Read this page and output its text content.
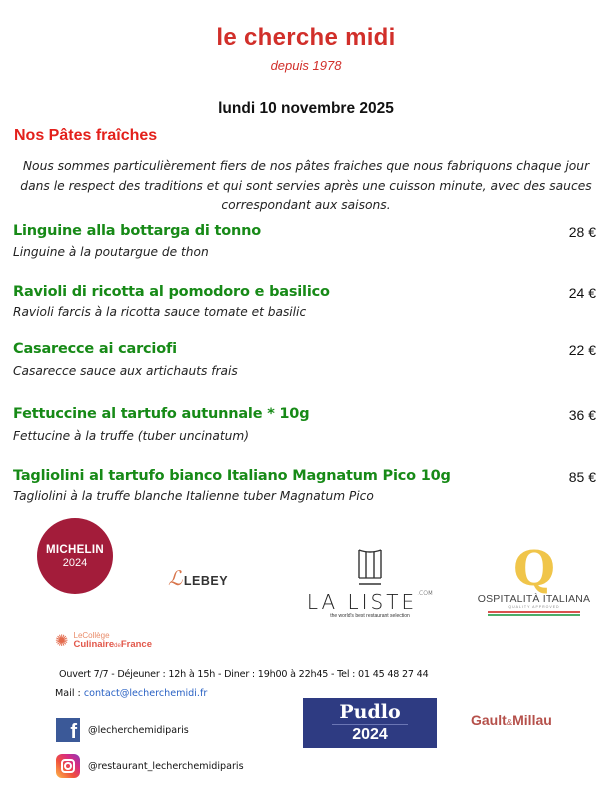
le cherche midi
depuis 1978
lundi 10 novembre 2025
Nos Pâtes fraîches
Nous sommes particulièrement fiers de nos pâtes fraiches que nous fabriquons chaque jour dans le respect des traditions et qui sont servies après une cuisson minute, avec des sauces correspondant aux saisons.
Linguine alla bottarga di tonno	28 €
Linguine à la poutargue de thon
Ravioli di ricotta al pomodoro e basilico	24 €
Ravioli farcis à la ricotta sauce tomate et basilic
Casarecce ai carciofi	22 €
Casarecce sauce aux artichauts frais
Fettuccine al tartufo autunnale * 10g	36 €
Fettucine à la truffe (tuber uncinatum)
Tagliolini al tartufo bianco Italiano Magnatum Pico 10g	85 €
Tagliolini à la truffe blanche Italienne tuber Magnatum Pico
MICHELIN
2024
ℒLEBEY
LA $LISTE^{.COM}$
the world's best restaurant selection
Q
OSPITALITÀ ITALIANA
QUALITY APPROVED
✺ LeCollège
CulinairedeFrance
Ouvert 7/7 - Déjeuner : 12h à 15h - Diner : 19h00 à 22h45 - Tel : 01 45 48 27 44
Mail : contact@lecherchemidi.fr
f	@lecherchemidiparis
@restaurant_lecherchemidiparis
Pudlo
2024
Gault&Millau
